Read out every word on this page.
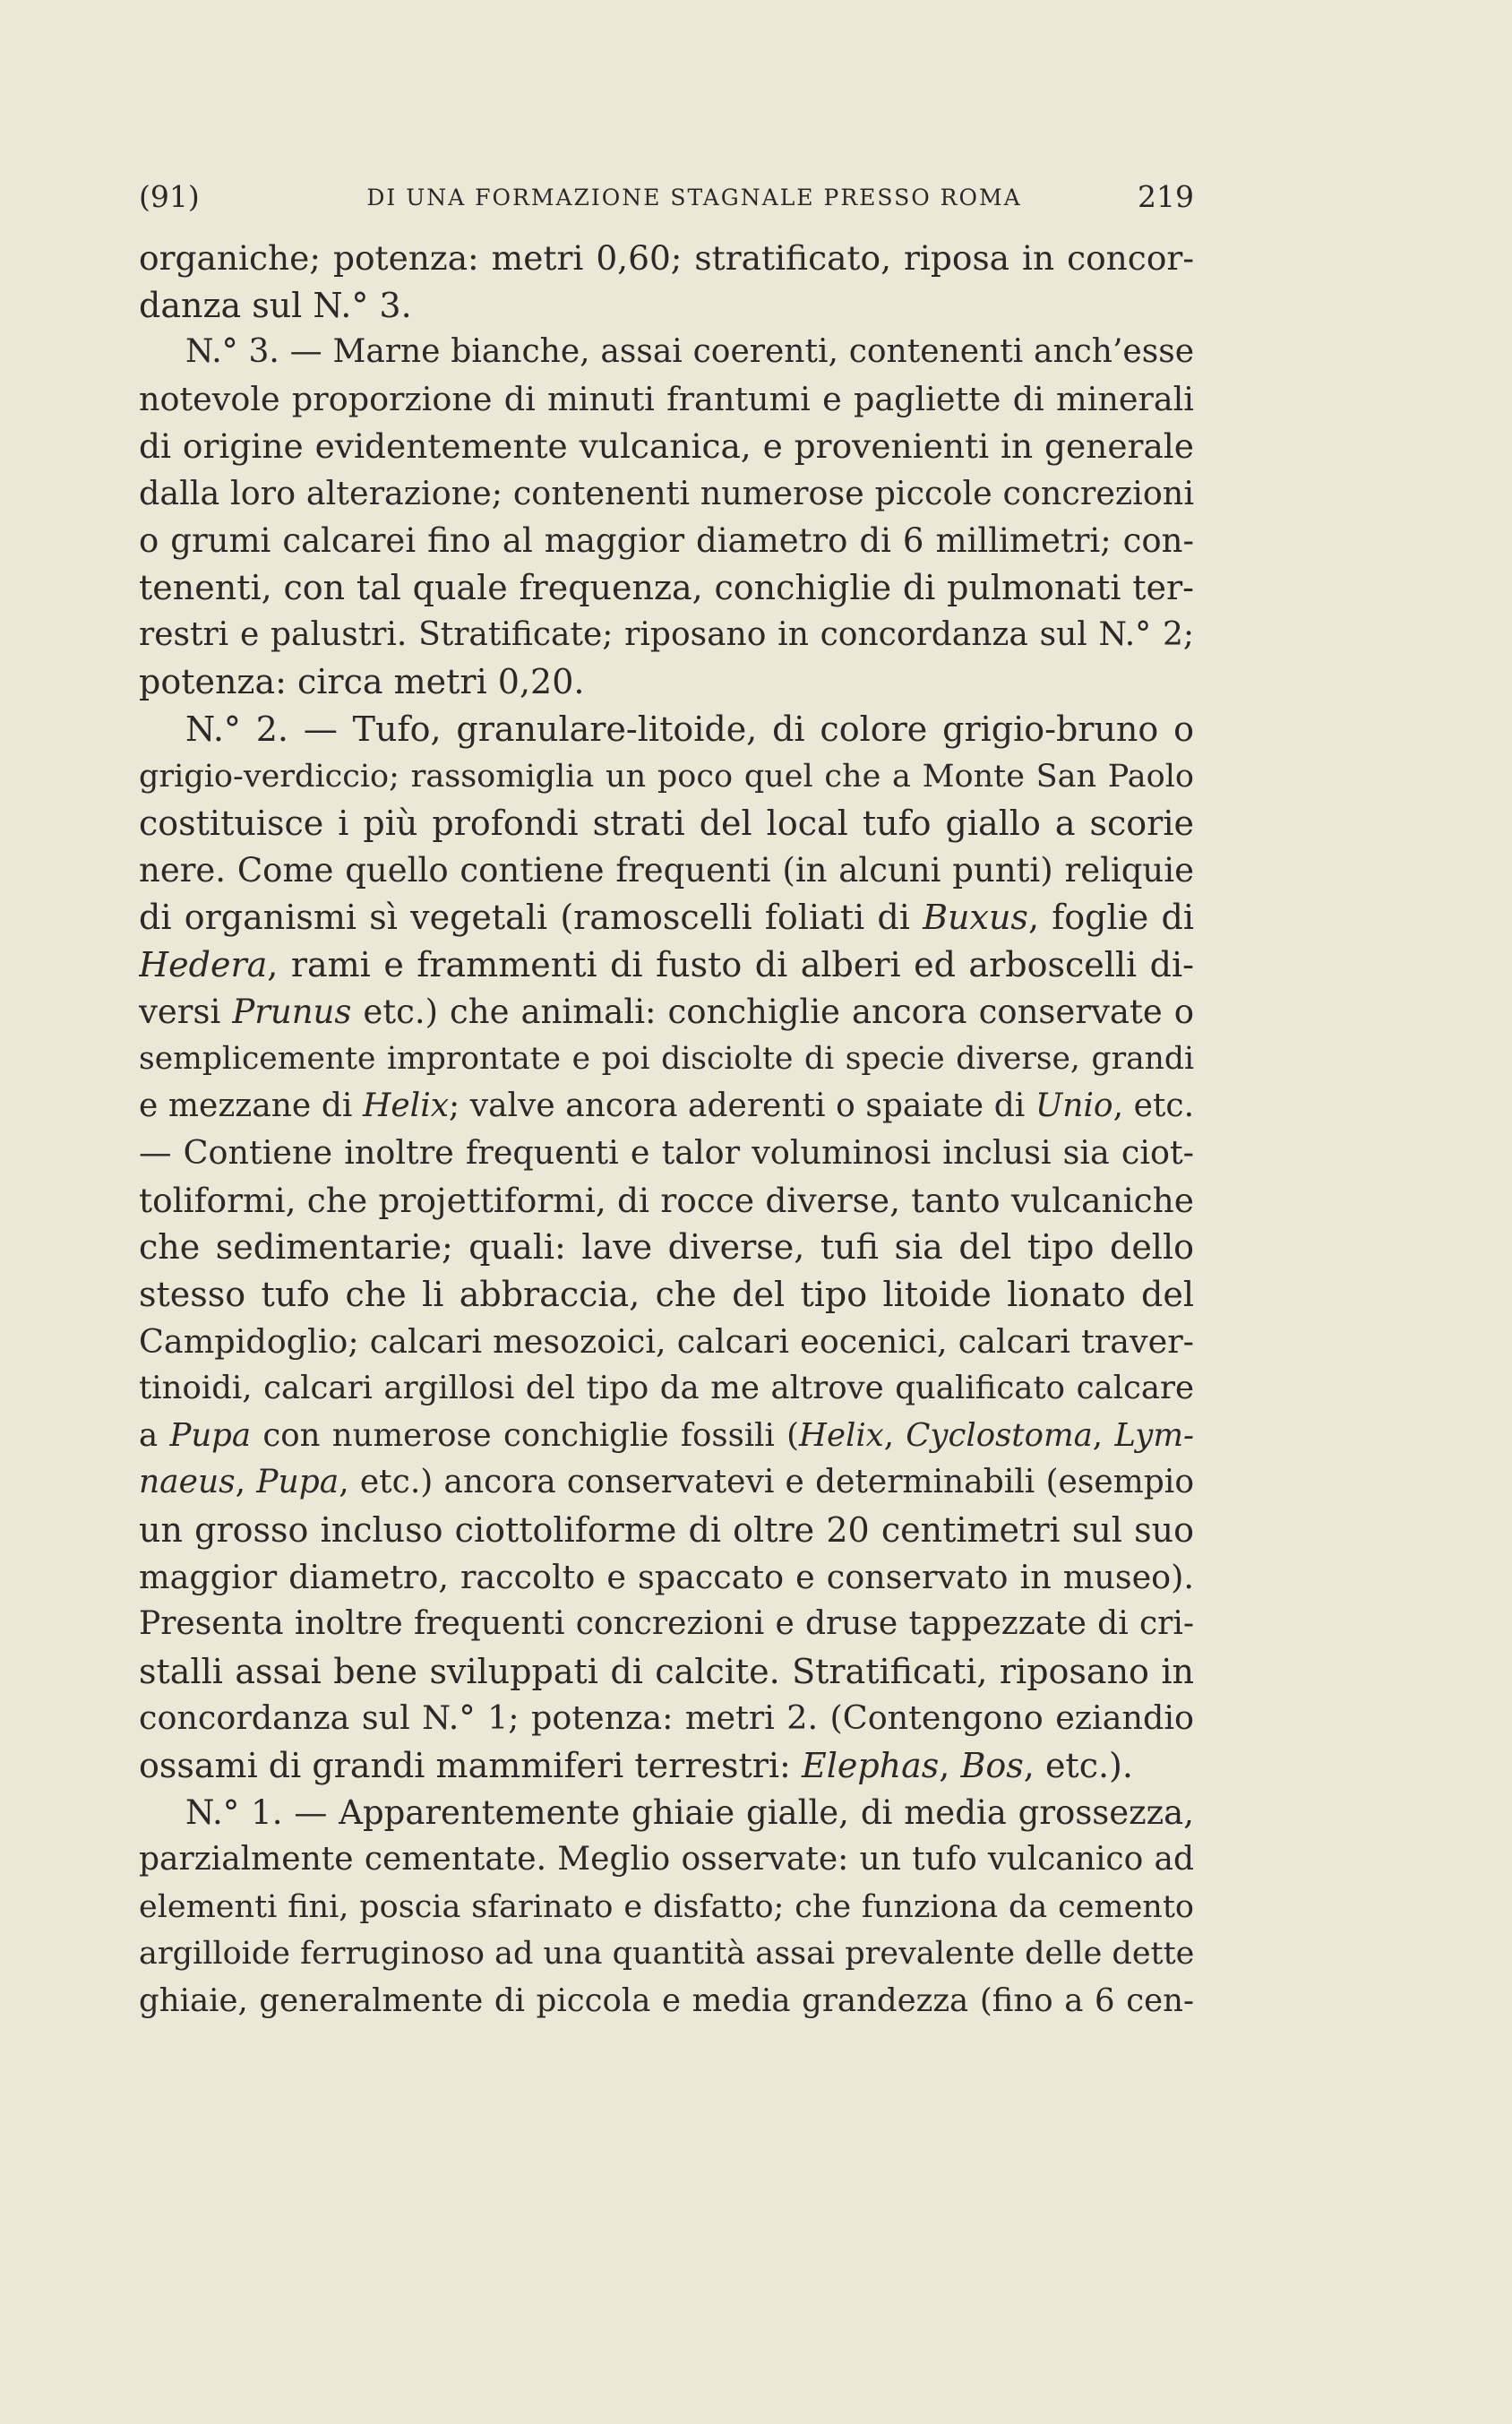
(91)	DI UNA FORMAZIONE STAGNALE PRESSO ROMA	219
organiche; potenza: metri 0,60; stratificato, riposa in concor-
danza sul N.° 3.
N.° 3. — Marne bianche, assai coerenti, contenenti anch’esse
notevole proporzione di minuti frantumi e pagliette di minerali
di origine evidentemente vulcanica, e provenienti in generale
dalla loro alterazione; contenenti numerose piccole concrezioni
o grumi calcarei fino al maggior diametro di 6 millimetri; con-
tenenti, con tal quale frequenza, conchiglie di pulmonati ter-
restri e palustri. Stratificate; riposano in concordanza sul N.° 2;
potenza: circa metri 0,20.
N.° 2. — Tufo, granulare-litoide, di colore grigio-bruno o
grigio-verdiccio; rassomiglia un poco quel che a Monte San Paolo
costituisce i più profondi strati del local tufo giallo a scorie
nere. Come quello contiene frequenti (in alcuni punti) reliquie
di organismi sì vegetali (ramoscelli foliati di Buxus, foglie di
Hedera, rami e frammenti di fusto di alberi ed arboscelli di-
versi Prunus etc.) che animali: conchiglie ancora conservate o
semplicemente improntate e poi disciolte di specie diverse, grandi
e mezzane di Helix; valve ancora aderenti o spaiate di Unio, etc.
— Contiene inoltre frequenti e talor voluminosi inclusi sia ciot-
toliformi, che projettiformi, di rocce diverse, tanto vulcaniche
che sedimentarie; quali: lave diverse, tufi sia del tipo dello
stesso tufo che li abbraccia, che del tipo litoide lionato del
Campidoglio; calcari mesozoici, calcari eocenici, calcari traver-
tinoidi, calcari argillosi del tipo da me altrove qualificato calcare
a Pupa con numerose conchiglie fossili (Helix, Cyclostoma, Lym-
naeus, Pupa, etc.) ancora conservatevi e determinabili (esempio
un grosso incluso ciottoliforme di oltre 20 centimetri sul suo
maggior diametro, raccolto e spaccato e conservato in museo).
Presenta inoltre frequenti concrezioni e druse tappezzate di cri-
stalli assai bene sviluppati di calcite. Stratificati, riposano in
concordanza sul N.° 1; potenza: metri 2. (Contengono eziandio
ossami di grandi mammiferi terrestri: Elephas, Bos, etc.).
N.° 1. — Apparentemente ghiaie gialle, di media grossezza,
parzialmente cementate. Meglio osservate: un tufo vulcanico ad
elementi fini, poscia sfarinato e disfatto; che funziona da cemento
argilloide ferruginoso ad una quantità assai prevalente delle dette
ghiaie, generalmente di piccola e media grandezza (fino a 6 cen-
